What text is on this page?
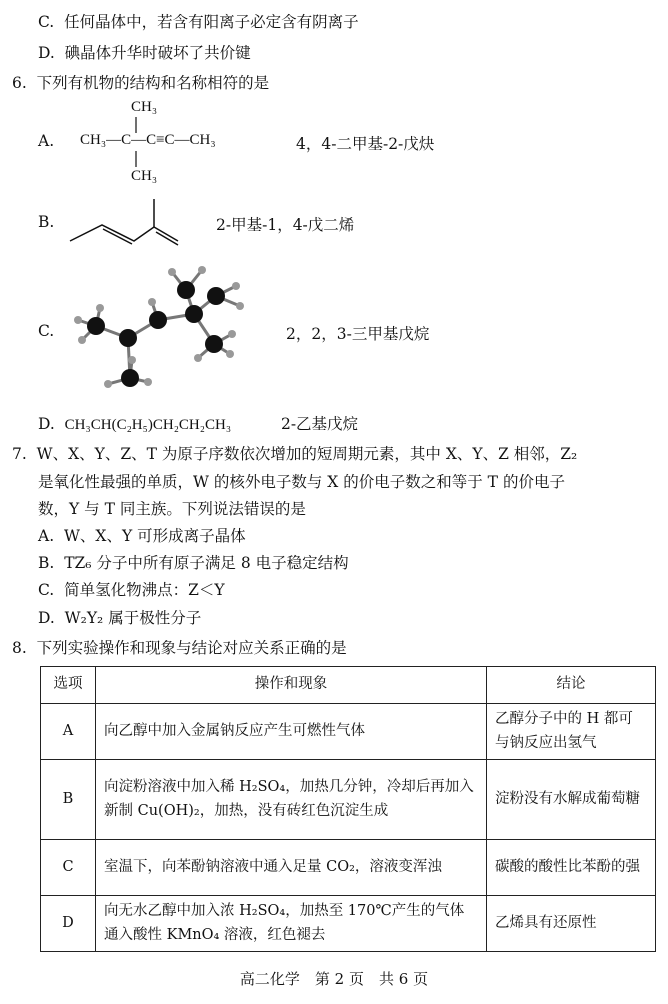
C. 任何晶体中，若含有阳离子必定含有阴离子
D. 碘晶体升华时破坏了共价键
6. 下列有机物的结构和名称相符的是
A.
CH₃
CH₃—C—C≡C—CH₃
CH₃
4，4-二甲基-2-戊炔
B.	2-甲基-1，4-戊二烯
C.	2，2，3-三甲基戊烷
D. CH₃CH(C₂H₅)CH₂CH₂CH₃	2-乙基戊烷
7. W、X、Y、Z、T 为原子序数依次增加的短周期元素，其中 X、Y、Z 相邻，Z₂
是氧化性最强的单质，W 的核外电子数与 X 的价电子数之和等于 T 的价电子
数，Y 与 T 同主族。下列说法错误的是
A. W、X、Y 可形成离子晶体
B. TZ₆ 分子中所有原子满足 8 电子稳定结构
C. 简单氢化物沸点：Z＜Y
D. W₂Y₂ 属于极性分子
8. 下列实验操作和现象与结论对应关系正确的是
选项	操作和现象	结论
A	向乙醇中加入金属钠反应产生可燃性气体	乙醇分子中的 H 都可与钠反应出氢气
B	向淀粉溶液中加入稀 H₂SO₄，加热几分钟，冷却后再加入新制 Cu(OH)₂，加热，没有砖红色沉淀生成	淀粉没有水解成葡萄糖
C	室温下，向苯酚钠溶液中通入足量 CO₂，溶液变浑浊	碳酸的酸性比苯酚的强
D	向无水乙醇中加入浓 H₂SO₄，加热至 170℃产生的气体通入酸性 KMnO₄ 溶液，红色褪去	乙烯具有还原性
高二化学　第 2 页　共 6 页
